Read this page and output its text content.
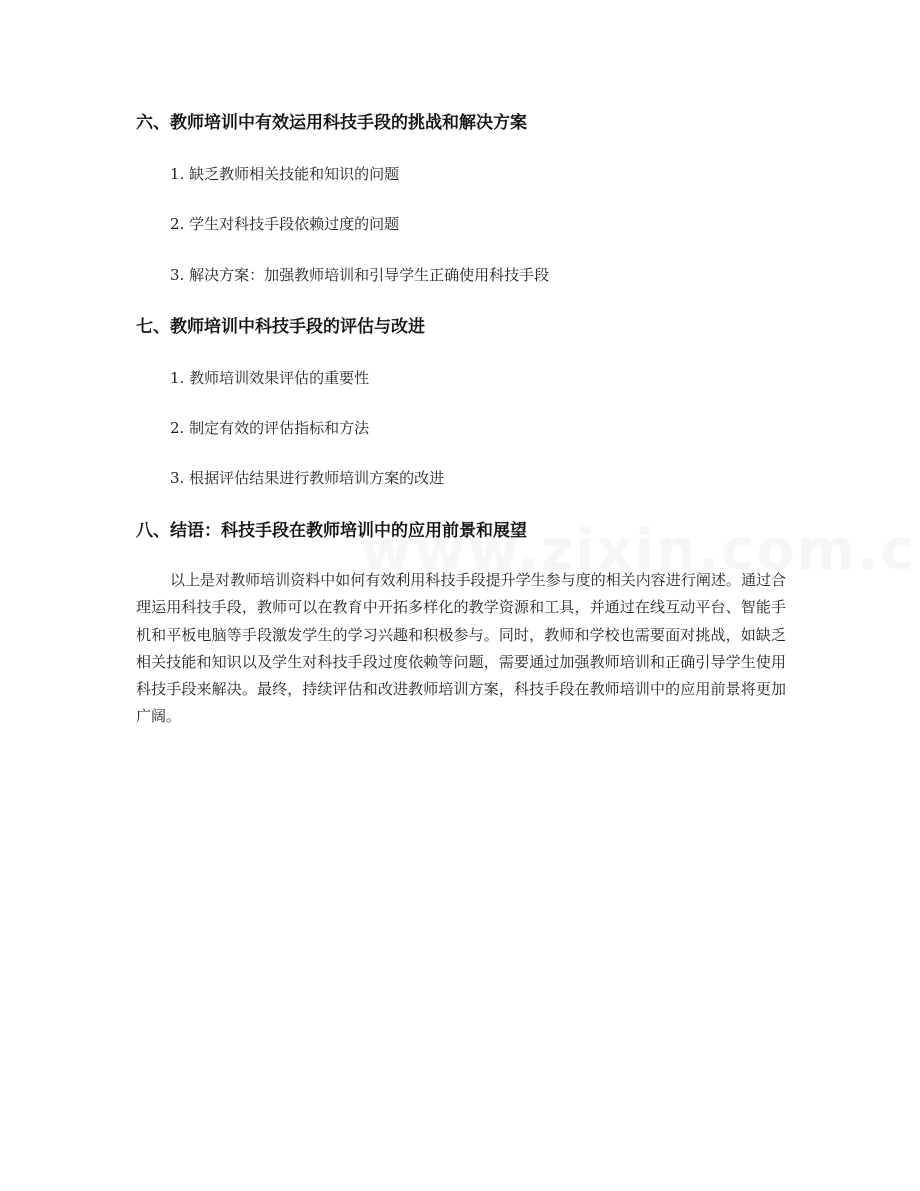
六、教师培训中有效运用科技手段的挑战和解决方案

1. 缺乏教师相关技能和知识的问题

2. 学生对科技手段依赖过度的问题

3. 解决方案：加强教师培训和引导学生正确使用科技手段

七、教师培训中科技手段的评估与改进

1. 教师培训效果评估的重要性

2. 制定有效的评估指标和方法

3. 根据评估结果进行教师培训方案的改进

八、结语：科技手段在教师培训中的应用前景和展望

以上是对教师培训资料中如何有效利用科技手段提升学生参与度的相关内容进行阐述。通过合理运用科技手段，教师可以在教育中开拓多样化的教学资源和工具，并通过在线互动平台、智能手机和平板电脑等手段激发学生的学习兴趣和积极参与。同时，教师和学校也需要面对挑战，如缺乏相关技能和知识以及学生对科技手段过度依赖等问题，需要通过加强教师培训和正确引导学生使用科技手段来解决。最终，持续评估和改进教师培训方案，科技手段在教师培训中的应用前景将更加广阔。
